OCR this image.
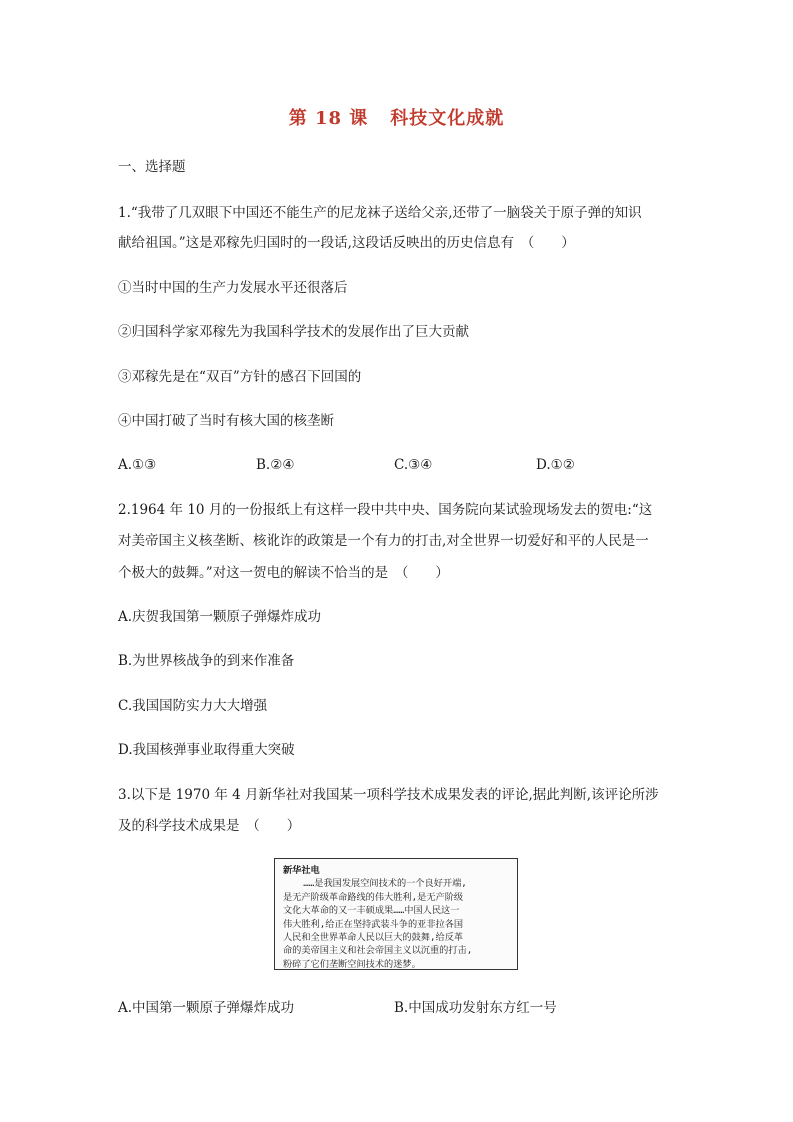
第 18 课 科技文化成就
一、选择题
1.“我带了几双眼下中国还不能生产的尼龙袜子送给父亲,还带了一脑袋关于原子弹的知识
献给祖国。”这是邓稼先归国时的一段话,这段话反映出的历史信息有　（　　）
①当时中国的生产力发展水平还很落后
②归国科学家邓稼先为我国科学技术的发展作出了巨大贡献
③邓稼先是在“双百”方针的感召下回国的
④中国打破了当时有核大国的核垄断
A.①③	B.②④	C.③④	D.①②
2.1964 年 10 月的一份报纸上有这样一段中共中央、国务院向某试验现场发去的贺电:“这
对美帝国主义核垄断、核讹诈的政策是一个有力的打击,对全世界一切爱好和平的人民是一
个极大的鼓舞。”对这一贺电的解读不恰当的是　（　　）
A.庆贺我国第一颗原子弹爆炸成功
B.为世界核战争的到来作准备
C.我国国防实力大大增强
D.我国核弹事业取得重大突破
3.以下是 1970 年 4 月新华社对我国某一项科学技术成果发表的评论,据此判断,该评论所涉
及的科学技术成果是　（　　）
新华社电
……是我国发展空间技术的一个良好开端,
是无产阶级革命路线的伟大胜利,是无产阶级
文化大革命的又一丰硕成果……中国人民这一
伟大胜利,给正在坚持武装斗争的亚非拉各国
人民和全世界革命人民以巨大的鼓舞,给反革
命的美帝国主义和社会帝国主义以沉重的打击,
粉碎了它们垄断空间技术的迷梦。
A.中国第一颗原子弹爆炸成功	B.中国成功发射东方红一号
